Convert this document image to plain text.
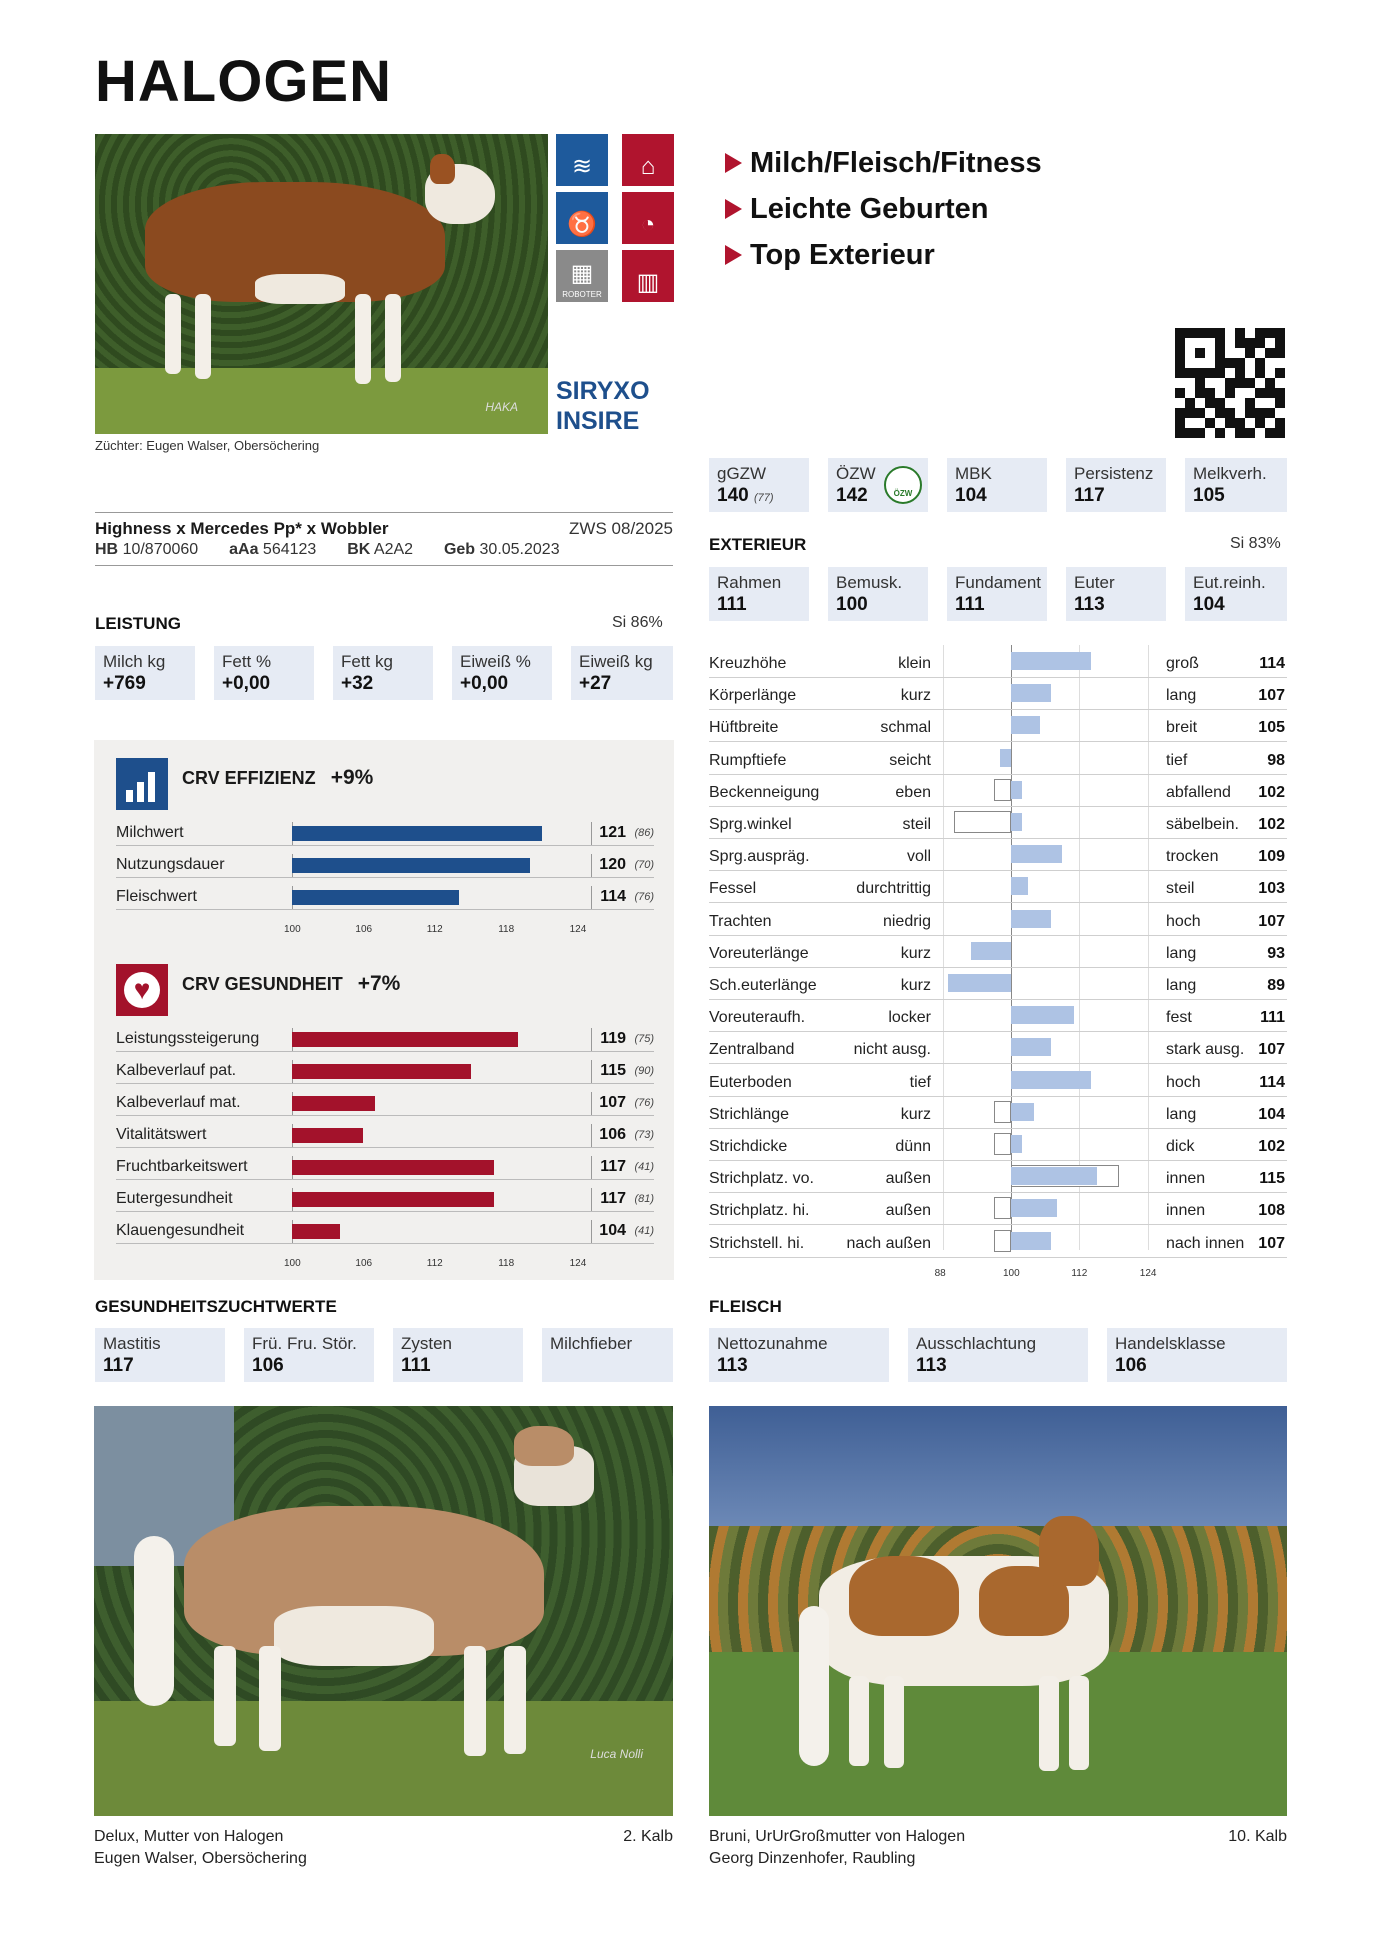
HALOGEN
HAKA
Züchter: Eugen Walser, Obersöchering
≋ ⌂
♉ ◔
▦
ROBOTER ▥
SIRYXO
INSIRE
Milch/Fleisch/Fitness
Leichte Geburten
Top Exterieur
gGZW
140 (77)
ÖZW
142	ÖZW
MBK
104
Persistenz
117
Melkverh.
105
Highness x Mercedes Pp* x Wobbler	ZWS 08/2025
HB 10/870060 aAa 564123 BK A2A2 Geb 30.05.2023
LEISTUNG	Si 86%
Milch kg
+769
Fett %
+0,00
Fett kg
+32
Eiweiß %
+0,00
Eiweiß kg
+27
CRV EFFIZIENZ +9%
Milchwert	121 (86)
Nutzungsdauer	120 (70)
Fleischwert	114 (76)
100	106	112	118	124
♥	CRV GESUNDHEIT +7%
Leistungssteigerung	119 (75)
Kalbeverlauf pat.	115 (90)
Kalbeverlauf mat.	107 (76)
Vitalitätswert	106 (73)
Fruchtbarkeitswert	117 (41)
Eutergesundheit	117 (81)
Klauengesundheit	104 (41)
100	106	112	118	124
EXTERIEUR	Si 83%
Rahmen
111
Bemusk.
100
Fundament
111
Euter
113
Eut.reinh.
104
Kreuzhöhe	klein	groß	114
Körperlänge	kurz	lang	107
Hüftbreite	schmal	breit	105
Rumpftiefe	seicht	tief	98
Beckenneigung	eben	abfallend 102
Sprg.winkel	steil	säbelbein. 102
Sprg.auspräg.	voll	trocken 109
Fessel	durchtrittig	steil	103
Trachten	niedrig	hoch	107
Voreuterlänge	kurz	lang	93
Sch.euterlänge	kurz	lang	89
Voreuteraufh.	locker	fest	111
Zentralband	nicht ausg.	stark ausg. 107
Euterboden	tief	hoch	114
Strichlänge	kurz	lang	104
Strichdicke	dünn	dick	102
Strichplatz. vo.	außen	innen	115
Strichplatz. hi.	außen	innen	108
Strichstell. hi.	nach außen	nach innen 107
88	100	112	124
GESUNDHEITSZUCHTWERTE
Mastitis
117
Frü. Fru. Stör.
106
Zysten
111
Milchfieber
FLEISCH
Nettozunahme
113
Ausschlachtung
113
Handelsklasse
106
Luca Nolli
Delux, Mutter von Halogen	2. Kalb
Eugen Walser, Obersöchering
Bruni, UrUrGroßmutter von Halogen	10. Kalb
Georg Dinzenhofer, Raubling
